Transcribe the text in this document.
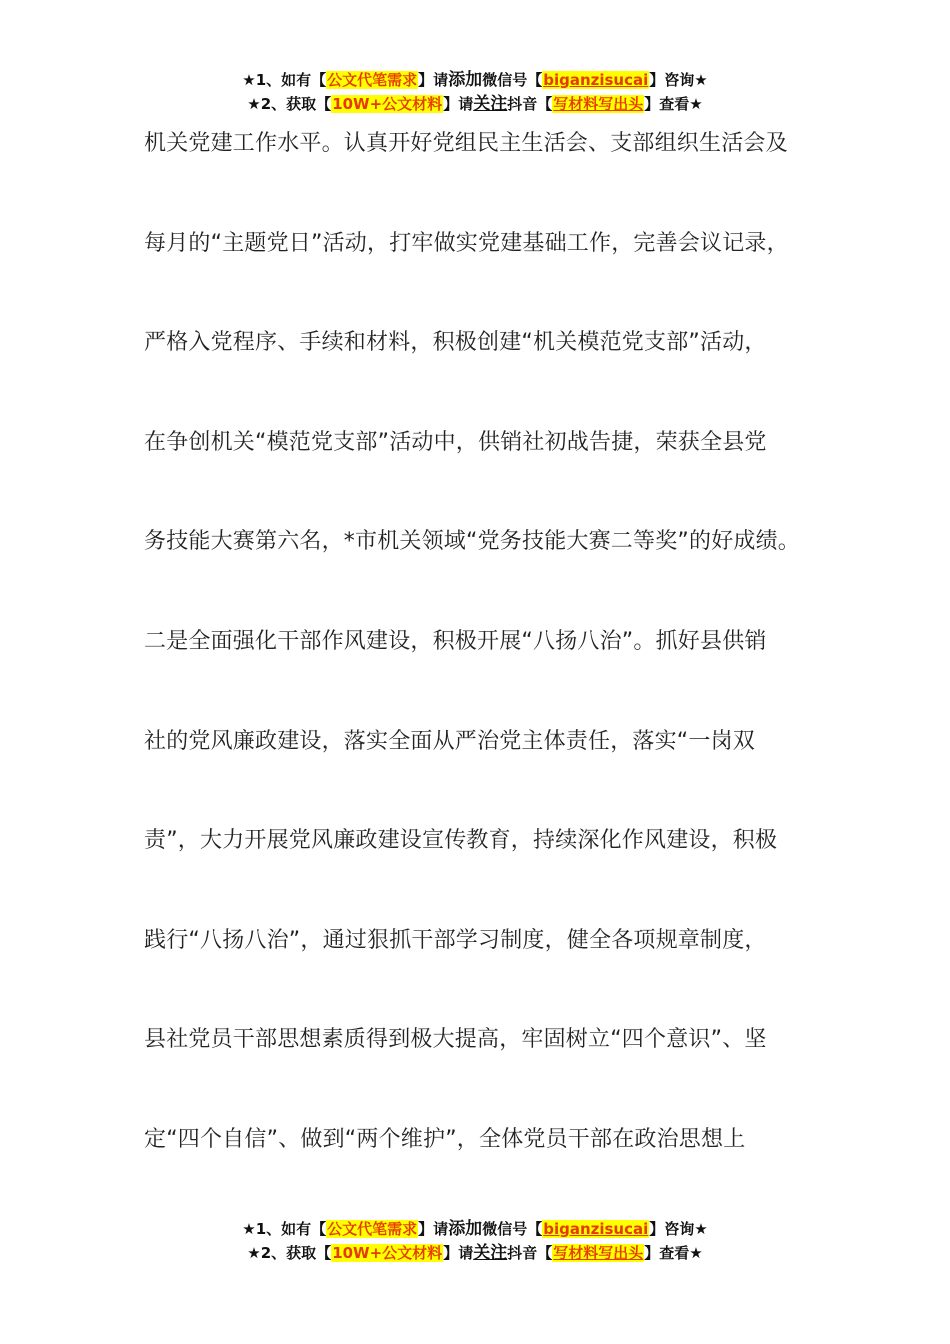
★1、如有【公文代笔需求】请添加微信号【biganzisucai】咨询★
★2、获取【10W+公文材料】请关注抖音【写材料写出头】查看★
机关党建工作水平。认真开好党组民主生活会、支部组织生活会及
每月的“主题党日”活动，打牢做实党建基础工作，完善会议记录，
严格入党程序、手续和材料，积极创建“机关模范党支部”活动，
在争创机关“模范党支部”活动中，供销社初战告捷，荣获全县党
务技能大赛第六名，*市机关领域“党务技能大赛二等奖”的好成绩。
二是全面强化干部作风建设，积极开展“八扬八治”。抓好县供销
社的党风廉政建设，落实全面从严治党主体责任，落实“一岗双
责”，大力开展党风廉政建设宣传教育，持续深化作风建设，积极
践行“八扬八治”，通过狠抓干部学习制度，健全各项规章制度，
县社党员干部思想素质得到极大提高，牢固树立“四个意识”、坚
定“四个自信”、做到“两个维护”，全体党员干部在政治思想上
★1、如有【公文代笔需求】请添加微信号【biganzisucai】咨询★
★2、获取【10W+公文材料】请关注抖音【写材料写出头】查看★
